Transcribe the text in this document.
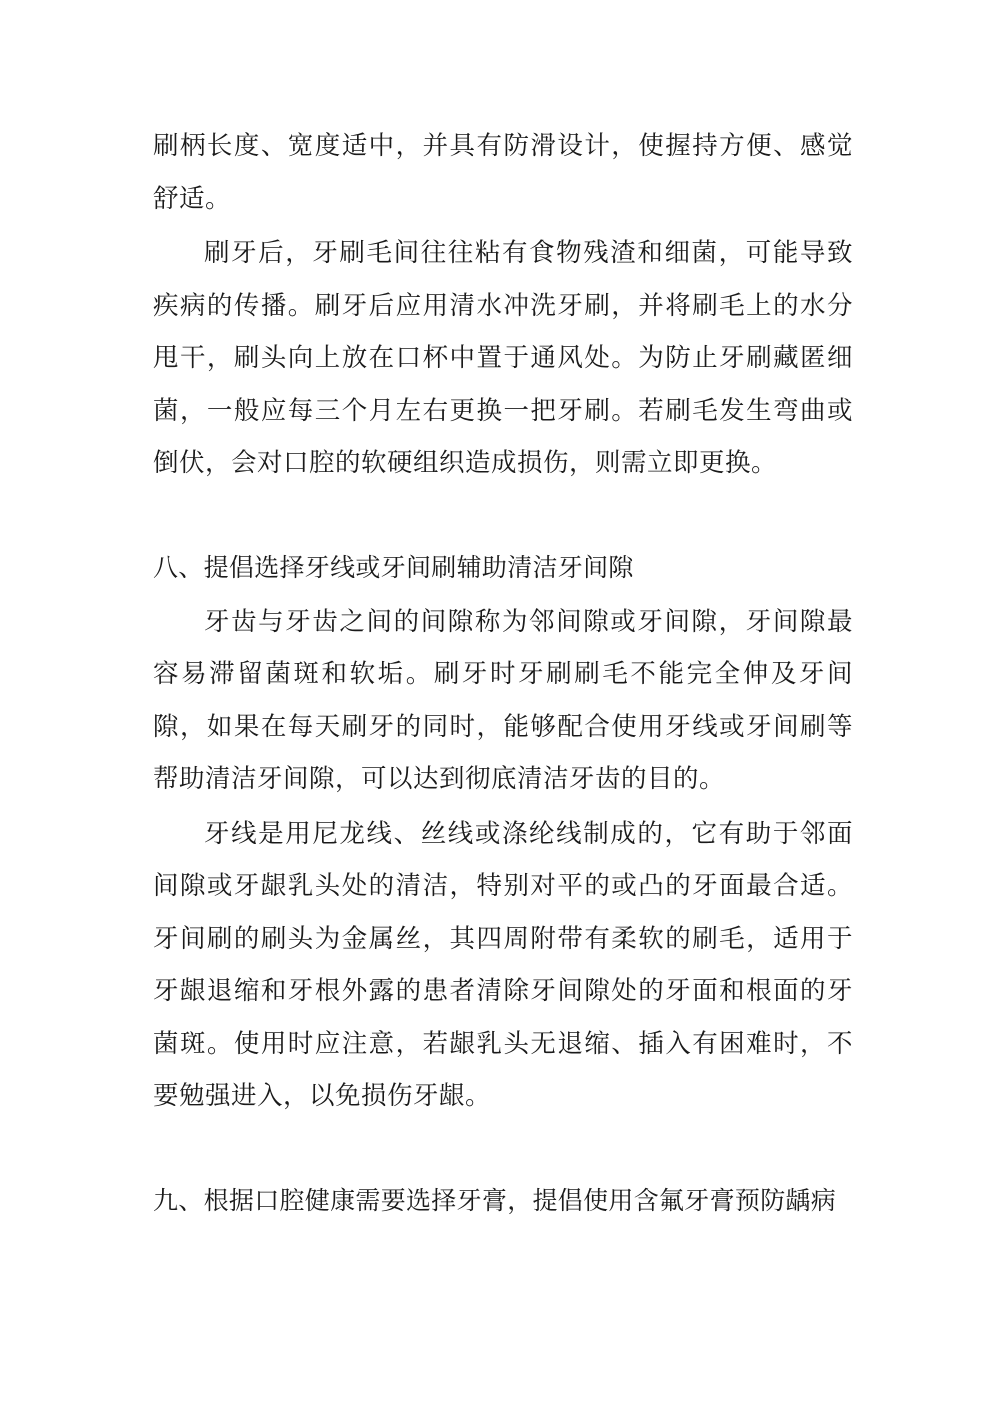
刷柄长度、宽度适中，并具有防滑设计，使握持方便、感觉舒适。

刷牙后，牙刷毛间往往粘有食物残渣和细菌，可能导致疾病的传播。刷牙后应用清水冲洗牙刷，并将刷毛上的水分甩干，刷头向上放在口杯中置于通风处。为防止牙刷藏匿细菌，一般应每三个月左右更换一把牙刷。若刷毛发生弯曲或倒伏，会对口腔的软硬组织造成损伤，则需立即更换。

八、提倡选择牙线或牙间刷辅助清洁牙间隙

牙齿与牙齿之间的间隙称为邻间隙或牙间隙，牙间隙最容易滞留菌斑和软垢。刷牙时牙刷刷毛不能完全伸及牙间隙，如果在每天刷牙的同时，能够配合使用牙线或牙间刷等帮助清洁牙间隙，可以达到彻底清洁牙齿的目的。

牙线是用尼龙线、丝线或涤纶线制成的，它有助于邻面间隙或牙龈乳头处的清洁，特别对平的或凸的牙面最合适。牙间刷的刷头为金属丝，其四周附带有柔软的刷毛，适用于牙龈退缩和牙根外露的患者清除牙间隙处的牙面和根面的牙菌斑。使用时应注意，若龈乳头无退缩、插入有困难时，不要勉强进入，以免损伤牙龈。

九、根据口腔健康需要选择牙膏，提倡使用含氟牙膏预防龋病
